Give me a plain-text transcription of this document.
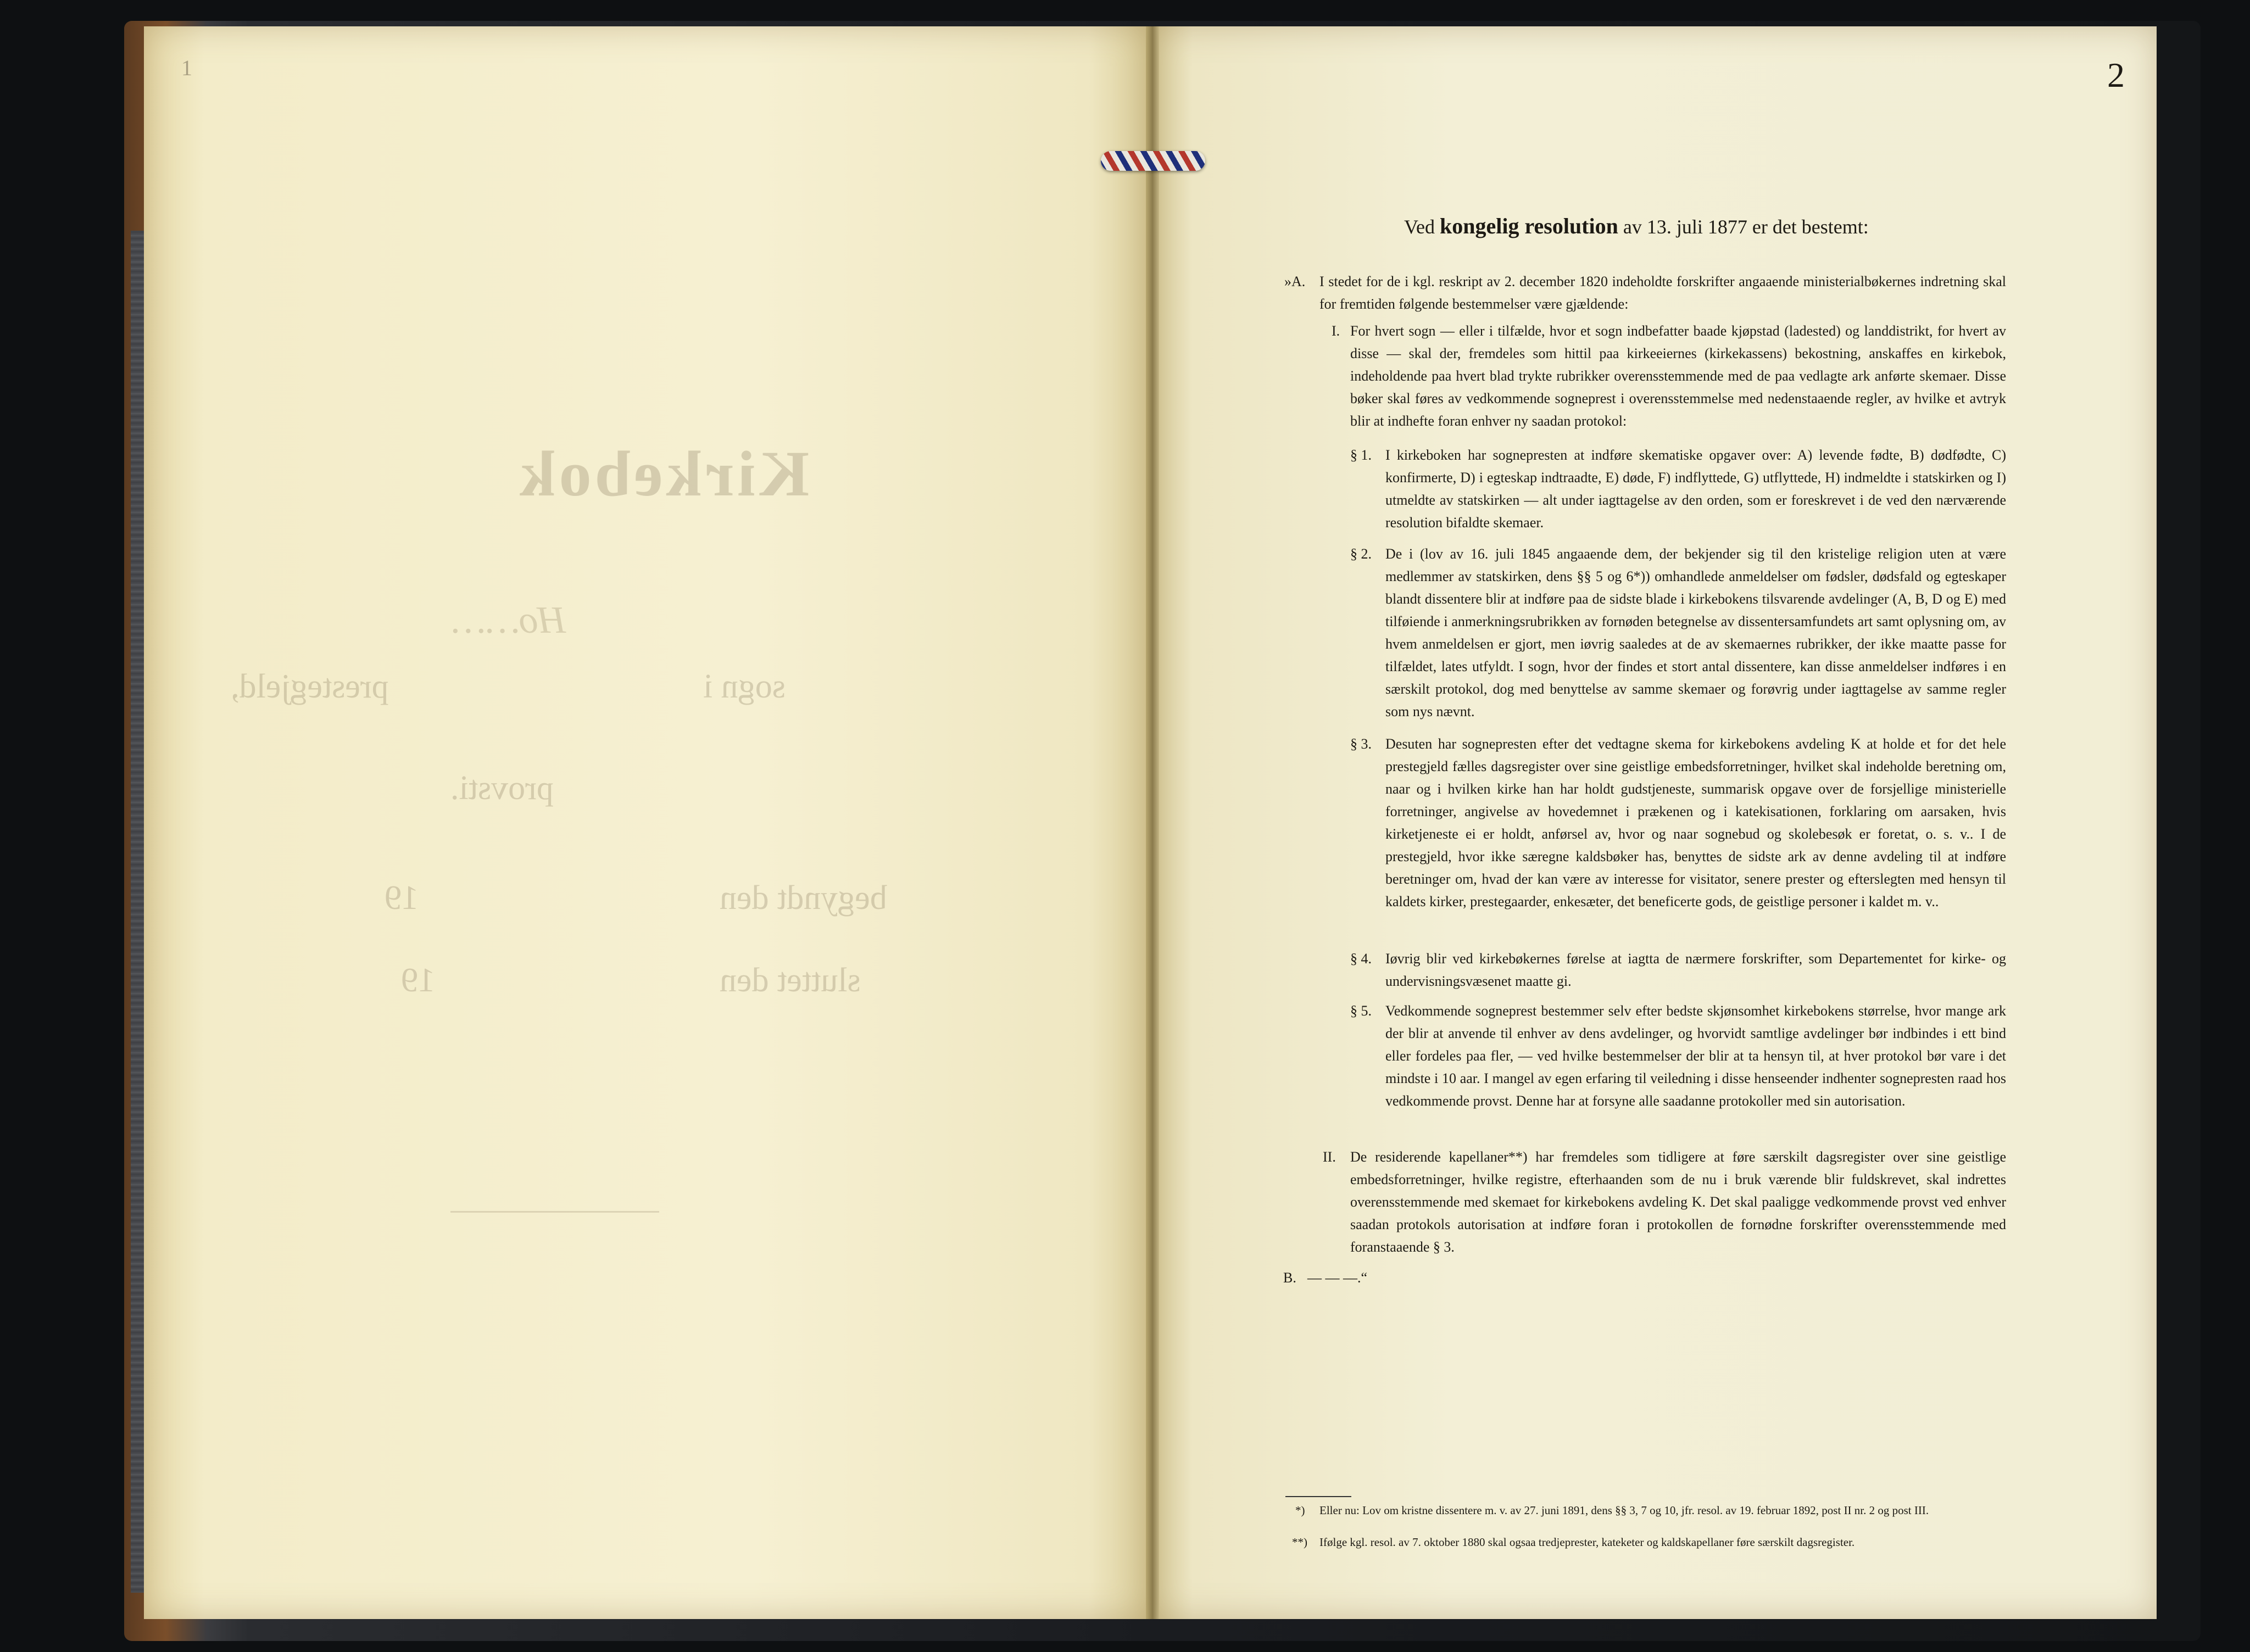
1
Kirkebok
Ho……
sogn i
prestegjeld,
provsti.
begyndt den
19
sluttet den
19
2
Ved kongelig resolution av 13. juli 1877 er det bestemt:
»A. I stedet for de i kgl. reskript av 2. december 1820 indeholdte forskrifter angaaende ministerialbøkernes indretning skal for fremtiden følgende bestemmelser være gjældende:
I. For hvert sogn — eller i tilfælde, hvor et sogn indbefatter baade kjøpstad (ladested) og landdistrikt, for hvert av disse — skal der, fremdeles som hittil paa kirkeeiernes (kirkekassens) bekostning, anskaffes en kirkebok, indeholdende paa hvert blad trykte rubrikker overensstemmende med de paa vedlagte ark anførte skemaer. Disse bøker skal føres av vedkommende sogneprest i overensstemmelse med nedenstaaende regler, av hvilke et avtryk blir at indhefte foran enhver ny saadan protokol:
§ 1. I kirkeboken har sognepresten at indføre skematiske opgaver over: A) levende fødte, B) dødfødte, C) konfirmerte, D) i egteskap indtraadte, E) døde, F) indflyttede, G) utflyttede, H) indmeldte i statskirken og I) utmeldte av statskirken — alt under iagttagelse av den orden, som er foreskrevet i de ved den nærværende resolution bifaldte skemaer.
§ 2. De i (lov av 16. juli 1845 angaaende dem, der bekjender sig til den kristelige religion uten at være medlemmer av statskirken, dens §§ 5 og 6*)) omhandlede anmeldelser om fødsler, dødsfald og egteskaper blandt dissentere blir at indføre paa de sidste blade i kirkebokens tilsvarende avdelinger (A, B, D og E) med tilføiende i anmerkningsrubrikken av fornøden betegnelse av dissentersamfundets art samt oplysning om, av hvem anmeldelsen er gjort, men iøvrig saaledes at de av skemaernes rubrikker, der ikke maatte passe for tilfældet, lates utfyldt. I sogn, hvor der findes et stort antal dissentere, kan disse anmeldelser indføres i en særskilt protokol, dog med benyttelse av samme skemaer og forøvrig under iagttagelse av samme regler som nys nævnt.
§ 3. Desuten har sognepresten efter det vedtagne skema for kirkebokens avdeling K at holde et for det hele prestegjeld fælles dagsregister over sine geistlige embedsforretninger, hvilket skal indeholde beretning om, naar og i hvilken kirke han har holdt gudstjeneste, summarisk opgave over de forsjellige ministerielle forretninger, angivelse av hovedemnet i prækenen og i katekisationen, forklaring om aarsaken, hvis kirketjeneste ei er holdt, anførsel av, hvor og naar sognebud og skolebesøk er foretat, o. s. v.. I de prestegjeld, hvor ikke særegne kaldsbøker has, benyttes de sidste ark av denne avdeling til at indføre beretninger om, hvad der kan være av interesse for visitator, senere prester og efterslegten med hensyn til kaldets kirker, prestegaarder, enkesæter, det beneficerte gods, de geistlige personer i kaldet m. v..
§ 4. Iøvrig blir ved kirkebøkernes førelse at iagtta de nærmere forskrifter, som Departementet for kirke- og undervisningsvæsenet maatte gi.
§ 5. Vedkommende sogneprest bestemmer selv efter bedste skjønsomhet kirkebokens størrelse, hvor mange ark der blir at anvende til enhver av dens avdelinger, og hvorvidt samtlige avdelinger bør indbindes i ett bind eller fordeles paa fler, — ved hvilke bestemmelser der blir at ta hensyn til, at hver protokol bør vare i det mindste i 10 aar. I mangel av egen erfaring til veiledning i disse henseender indhenter sognepresten raad hos vedkommende provst. Denne har at forsyne alle saadanne protokoller med sin autorisation.
II. De residerende kapellaner**) har fremdeles som tidligere at føre særskilt dagsregister over sine geistlige embedsforretninger, hvilke registre, efterhaanden som de nu i bruk værende blir fuldskrevet, skal indrettes overensstemmende med skemaet for kirkebokens avdeling K. Det skal paaligge vedkommende provst ved enhver saadan protokols autorisation at indføre foran i protokollen de fornødne forskrifter overensstemmende med foranstaaende § 3.
B. — — —.“
*) Eller nu: Lov om kristne dissentere m. v. av 27. juni 1891, dens §§ 3, 7 og 10, jfr. resol. av 19. februar 1892, post II nr. 2 og post III.
**) Ifølge kgl. resol. av 7. oktober 1880 skal ogsaa tredjeprester, kateketer og kaldskapellaner føre særskilt dagsregister.
